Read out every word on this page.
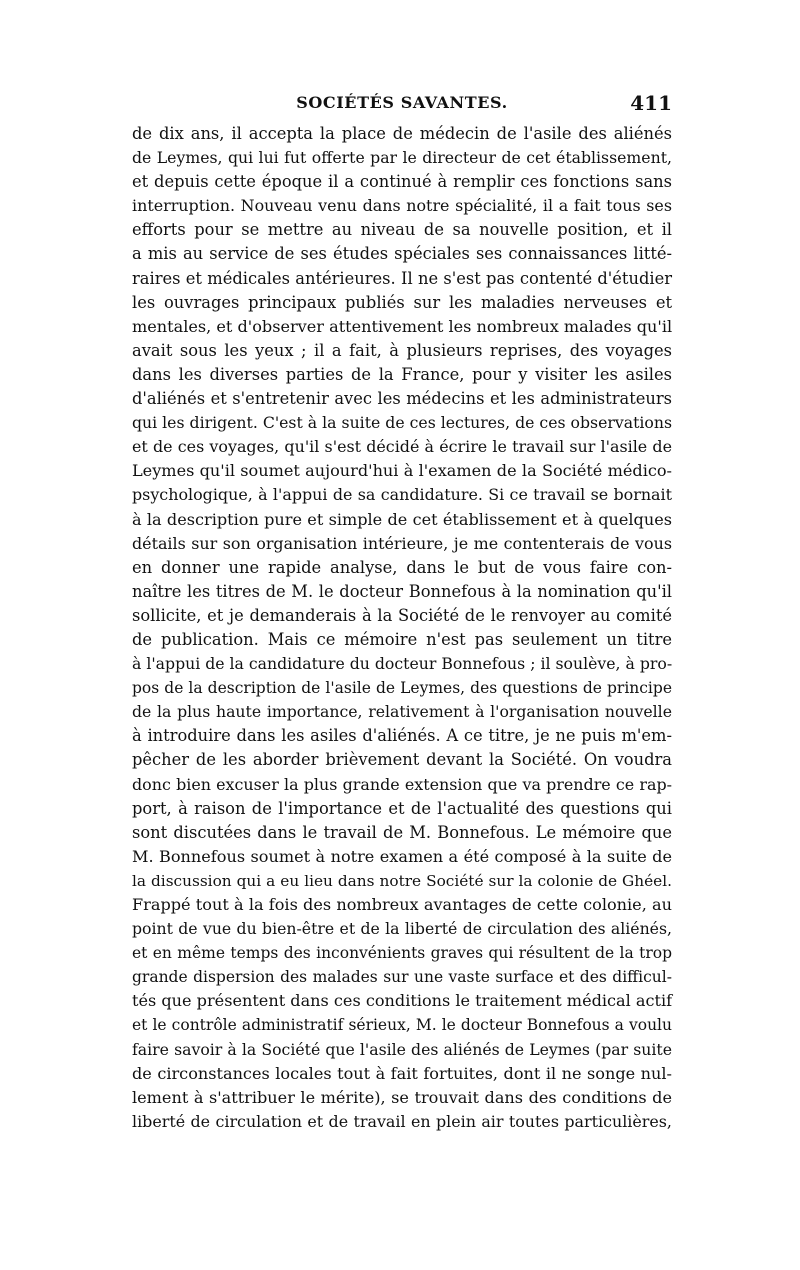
SOCIÉTÉS SAVANTES.	411
de dix ans, il accepta la place de médecin de l'asile des aliénés
de Leymes, qui lui fut offerte par le directeur de cet établissement,
et depuis cette époque il a continué à remplir ces fonctions sans
interruption. Nouveau venu dans notre spécialité, il a fait tous ses
efforts pour se mettre au niveau de sa nouvelle position, et il
a mis au service de ses études spéciales ses connaissances litté-
raires et médicales antérieures. Il ne s'est pas contenté d'étudier
les ouvrages principaux publiés sur les maladies nerveuses et
mentales, et d'observer attentivement les nombreux malades qu'il
avait sous les yeux ; il a fait, à plusieurs reprises, des voyages
dans les diverses parties de la France, pour y visiter les asiles
d'aliénés et s'entretenir avec les médecins et les administrateurs
qui les dirigent. C'est à la suite de ces lectures, de ces observations
et de ces voyages, qu'il s'est décidé à écrire le travail sur l'asile de
Leymes qu'il soumet aujourd'hui à l'examen de la Société médico-
psychologique, à l'appui de sa candidature. Si ce travail se bornait
à la description pure et simple de cet établissement et à quelques
détails sur son organisation intérieure, je me contenterais de vous
en donner une rapide analyse, dans le but de vous faire con-
naître les titres de M. le docteur Bonnefous à la nomination qu'il
sollicite, et je demanderais à la Société de le renvoyer au comité
de publication. Mais ce mémoire n'est pas seulement un titre
à l'appui de la candidature du docteur Bonnefous ; il soulève, à pro-
pos de la description de l'asile de Leymes, des questions de principe
de la plus haute importance, relativement à l'organisation nouvelle
à introduire dans les asiles d'aliénés. A ce titre, je ne puis m'em-
pêcher de les aborder brièvement devant la Société. On voudra
donc bien excuser la plus grande extension que va prendre ce rap-
port, à raison de l'importance et de l'actualité des questions qui
sont discutées dans le travail de M. Bonnefous. Le mémoire que
M. Bonnefous soumet à notre examen a été composé à la suite de
la discussion qui a eu lieu dans notre Société sur la colonie de Ghéel.
Frappé tout à la fois des nombreux avantages de cette colonie, au
point de vue du bien-être et de la liberté de circulation des aliénés,
et en même temps des inconvénients graves qui résultent de la trop
grande dispersion des malades sur une vaste surface et des difficul-
tés que présentent dans ces conditions le traitement médical actif
et le contrôle administratif sérieux, M. le docteur Bonnefous a voulu
faire savoir à la Société que l'asile des aliénés de Leymes (par suite
de circonstances locales tout à fait fortuites, dont il ne songe nul-
lement à s'attribuer le mérite), se trouvait dans des conditions de
liberté de circulation et de travail en plein air toutes particulières,
